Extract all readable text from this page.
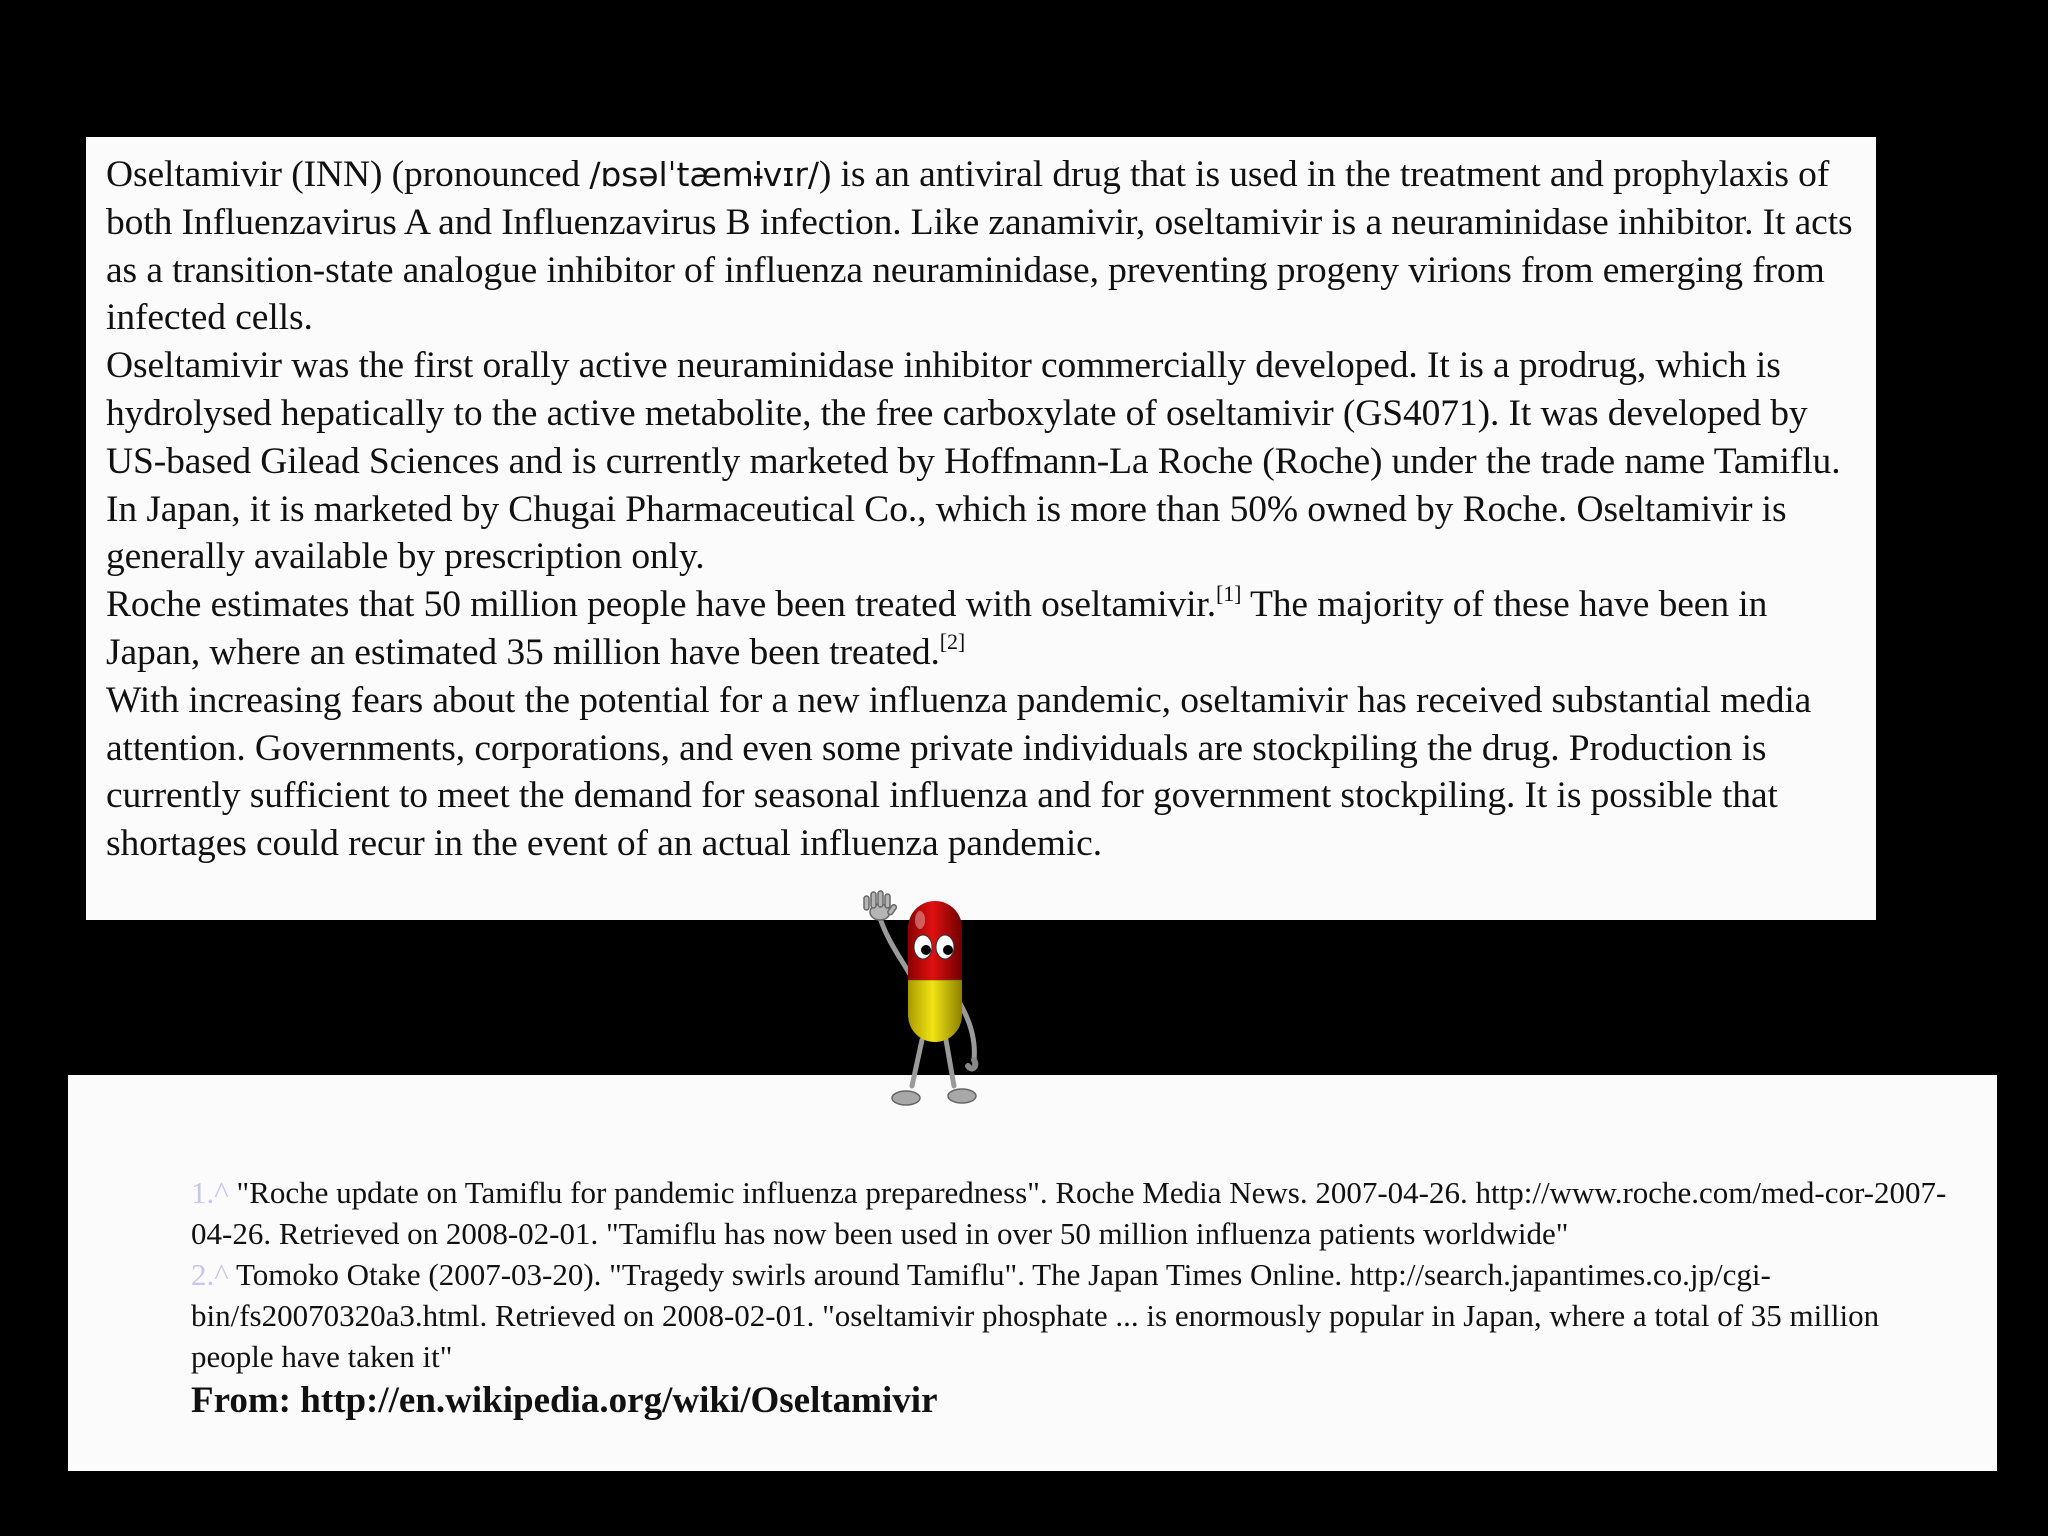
Oseltamivir (INN) (pronounced /ɒsəlˈtæmɨvɪr/) is an antiviral drug that is used in the treatment and prophylaxis of both Influenzavirus A and Influenzavirus B infection. Like zanamivir, oseltamivir is a neuraminidase inhibitor. It acts as a transition-state analogue inhibitor of influenza neuraminidase, preventing progeny virions from emerging from infected cells.

Oseltamivir was the first orally active neuraminidase inhibitor commercially developed. It is a prodrug, which is hydrolysed hepatically to the active metabolite, the free carboxylate of oseltamivir (GS4071). It was developed by US-based Gilead Sciences and is currently marketed by Hoffmann-La Roche (Roche) under the trade name Tamiflu. In Japan, it is marketed by Chugai Pharmaceutical Co., which is more than 50% owned by Roche. Oseltamivir is generally available by prescription only.

Roche estimates that 50 million people have been treated with oseltamivir.[1] The majority of these have been in Japan, where an estimated 35 million have been treated.[2]

With increasing fears about the potential for a new influenza pandemic, oseltamivir has received substantial media attention. Governments, corporations, and even some private individuals are stockpiling the drug. Production is currently sufficient to meet the demand for seasonal influenza and for government stockpiling. It is possible that shortages could recur in the event of an actual influenza pandemic.

1.^ "Roche update on Tamiflu for pandemic influenza preparedness". Roche Media News. 2007-04-26. http://www.roche.com/med-cor-2007-04-26. Retrieved on 2008-02-01. "Tamiflu has now been used in over 50 million influenza patients worldwide"

2.^ Tomoko Otake (2007-03-20). "Tragedy swirls around Tamiflu". The Japan Times Online. http://search.japantimes.co.jp/cgi-bin/fs20070320a3.html. Retrieved on 2008-02-01. "oseltamivir phosphate ... is enormously popular in Japan, where a total of 35 million people have taken it"

From: http://en.wikipedia.org/wiki/Oseltamivir
